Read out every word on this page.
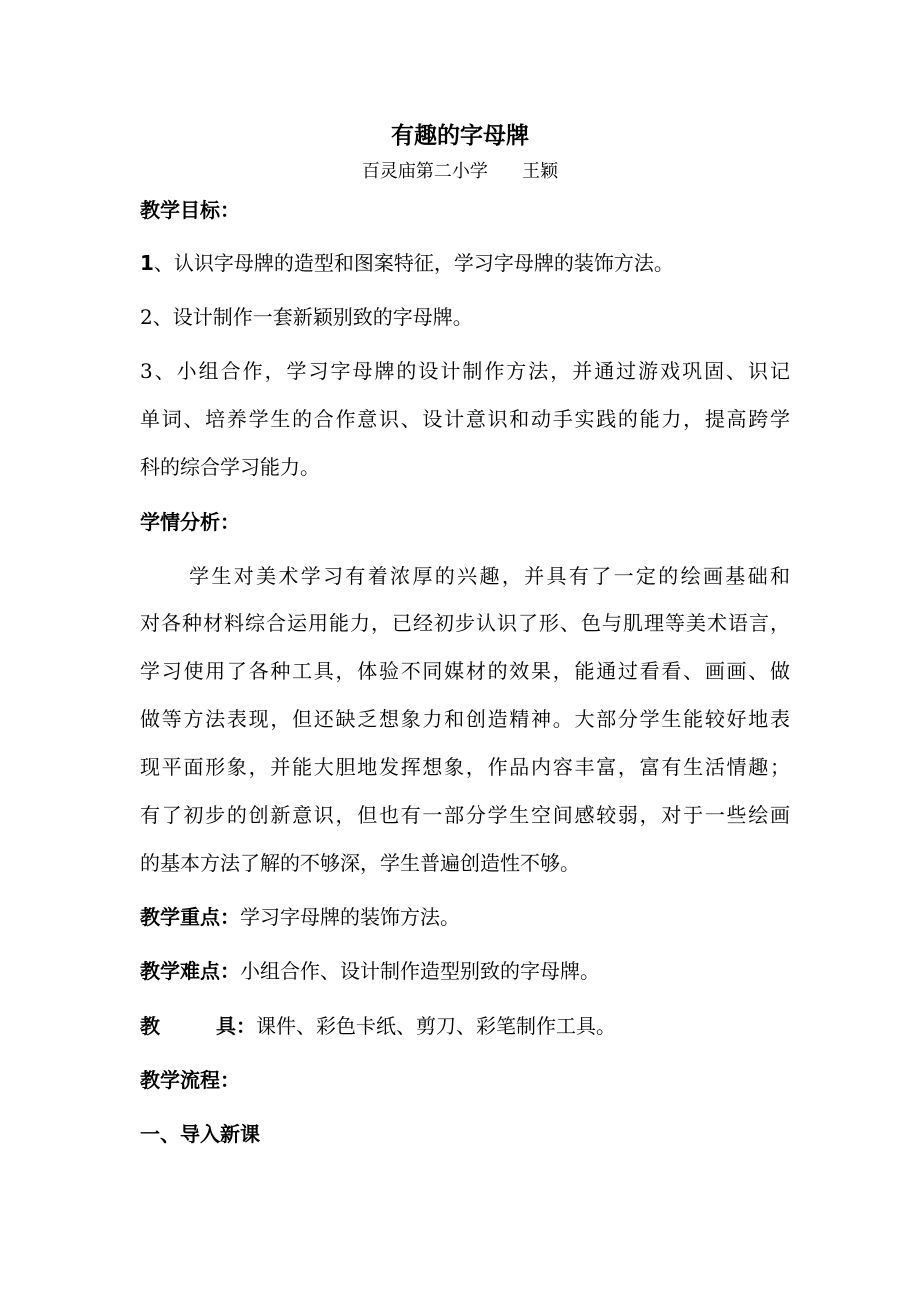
有趣的字母牌
百灵庙第二小学      王颖
教学目标：
1、认识字母牌的造型和图案特征，学习字母牌的装饰方法。
2、设计制作一套新颖别致的字母牌。
3、小组合作，学习字母牌的设计制作方法，并通过游戏巩固、识记
单词、培养学生的合作意识、设计意识和动手实践的能力，提高跨学
科的综合学习能力。
学情分析：
学生对美术学习有着浓厚的兴趣，并具有了一定的绘画基础和
对各种材料综合运用能力，已经初步认识了形、色与肌理等美术语言，
学习使用了各种工具，体验不同媒材的效果，能通过看看、画画、做
做等方法表现，但还缺乏想象力和创造精神。大部分学生能较好地表
现平面形象，并能大胆地发挥想象，作品内容丰富，富有生活情趣；
有了初步的创新意识，但也有一部分学生空间感较弱，对于一些绘画
的基本方法了解的不够深，学生普遍创造性不够。
教学重点：学习字母牌的装饰方法。
教学难点：小组合作、设计制作造型别致的字母牌。
教具：课件、彩色卡纸、剪刀、彩笔制作工具。
教学流程：
一、导入新课
